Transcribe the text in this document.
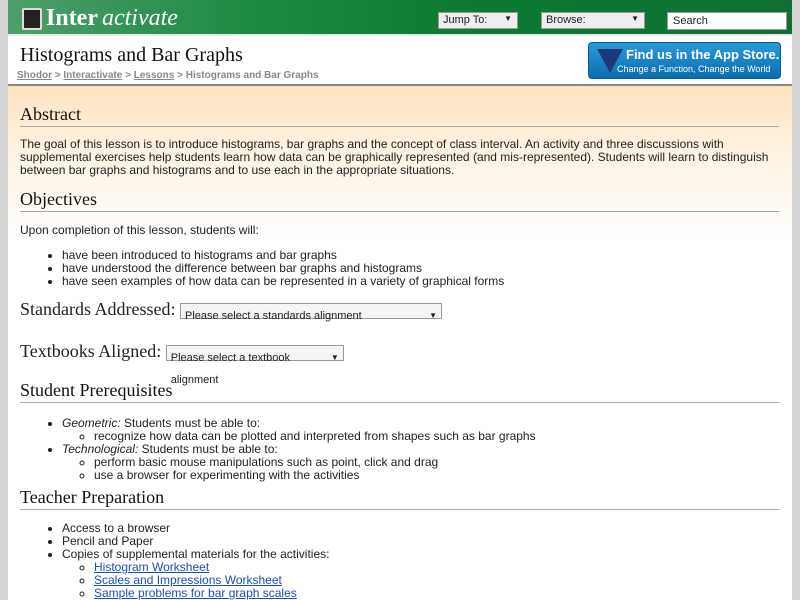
Inter activate	Jump To: ▼	Browse:	▼	Search
Histograms and Bar Graphs
Shodor > Interactivate > Lessons > Histograms and Bar Graphs
Find us in the App Store.
Change a Function, Change the World
Abstract
The goal of this lesson is to introduce histograms, bar graphs and the concept of class interval. An activity and three discussions with supplemental exercises help students learn how data can be graphically represented (and mis-represented). Students will learn to distinguish between bar graphs and histograms and to use each in the appropriate situations.
Objectives
Upon completion of this lesson, students will:
• have been introduced to histograms and bar graphs
• have understood the difference between bar graphs and histograms
• have seen examples of how data can be represented in a variety of graphical forms
Standards Addressed: Please select a standards alignment	▼
Textbooks Aligned: Please select a textbook alignment
▼
Student Prerequisites
• Geometric: Students must be able to:
◦ recognize how data can be plotted and interpreted from shapes such as bar graphs
• Technological: Students must be able to:
◦ perform basic mouse manipulations such as point, click and drag
◦ use a browser for experimenting with the activities
Teacher Preparation
• Access to a browser
• Pencil and Paper
• Copies of supplemental materials for the activities:
◦ Histogram Worksheet
◦ Scales and Impressions Worksheet
◦ Sample problems for bar graph scales
